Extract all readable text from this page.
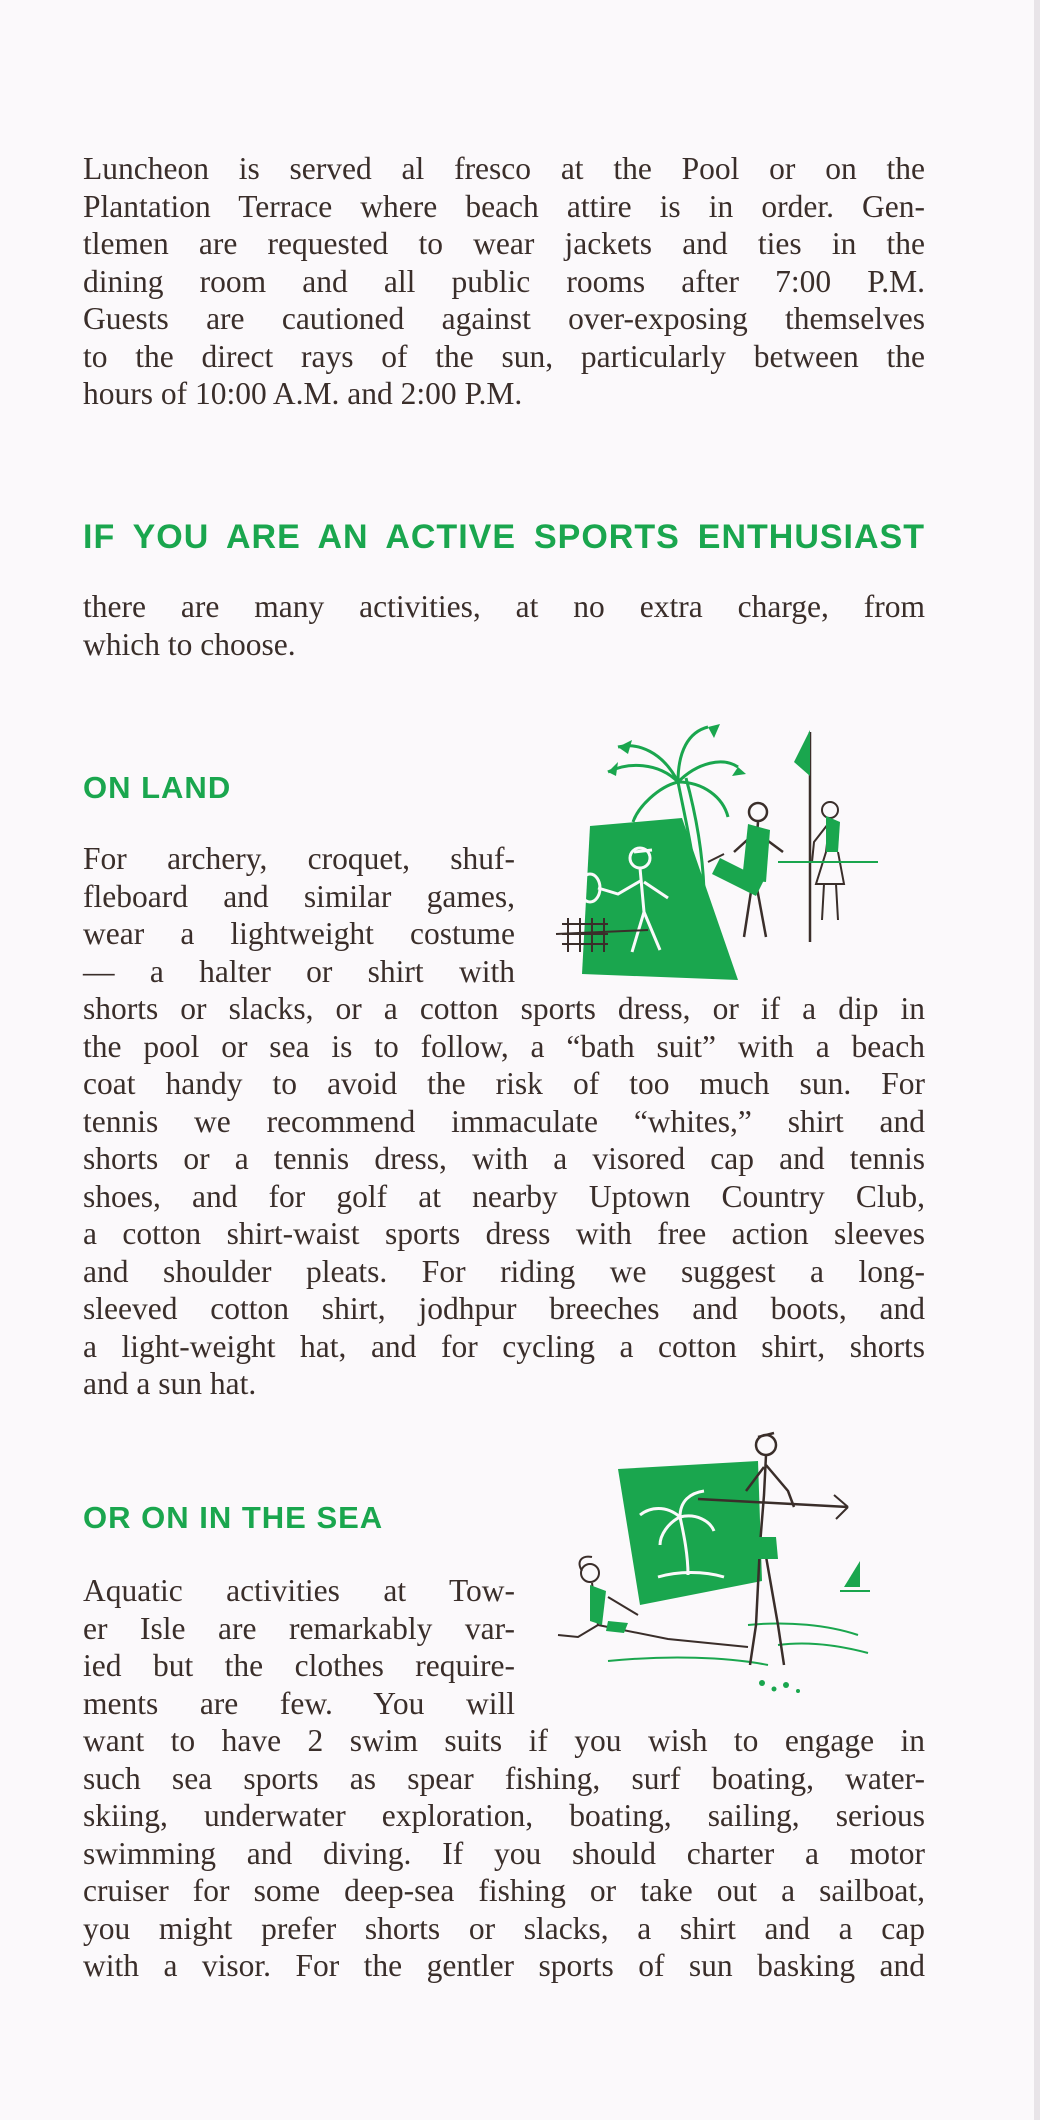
Luncheon is served al fresco at the Pool or on the
Plantation Terrace where beach attire is in order. Gen-
tlemen are requested to wear jackets and ties in the
dining room and all public rooms after 7:00 P.M.
Guests are cautioned against over-exposing themselves
to the direct rays of the sun, particularly between the
hours of 10:00 A.M. and 2:00 P.M.
IF YOU ARE AN ACTIVE SPORTS ENTHUSIAST
there are many activities, at no extra charge, from
which to choose.
ON LAND
For archery, croquet, shuf-
fleboard and similar games,
wear a lightweight costume
— a halter or shirt with
shorts or slacks, or a cotton sports dress, or if a dip in
the pool or sea is to follow, a “bath suit” with a beach
coat handy to avoid the risk of too much sun. For
tennis we recommend immaculate “whites,” shirt and
shorts or a tennis dress, with a visored cap and tennis
shoes, and for golf at nearby Uptown Country Club,
a cotton shirt-waist sports dress with free action sleeves
and shoulder pleats. For riding we suggest a long-
sleeved cotton shirt, jodhpur breeches and boots, and
a light-weight hat, and for cycling a cotton shirt, shorts
and a sun hat.
OR ON IN THE SEA
Aquatic activities at Tow-
er Isle are remarkably var-
ied but the clothes require-
ments are few. You will
want to have 2 swim suits if you wish to engage in
such sea sports as spear fishing, surf boating, water-
skiing, underwater exploration, boating, sailing, serious
swimming and diving. If you should charter a motor
cruiser for some deep-sea fishing or take out a sailboat,
you might prefer shorts or slacks, a shirt and a cap
with a visor. For the gentler sports of sun basking and
